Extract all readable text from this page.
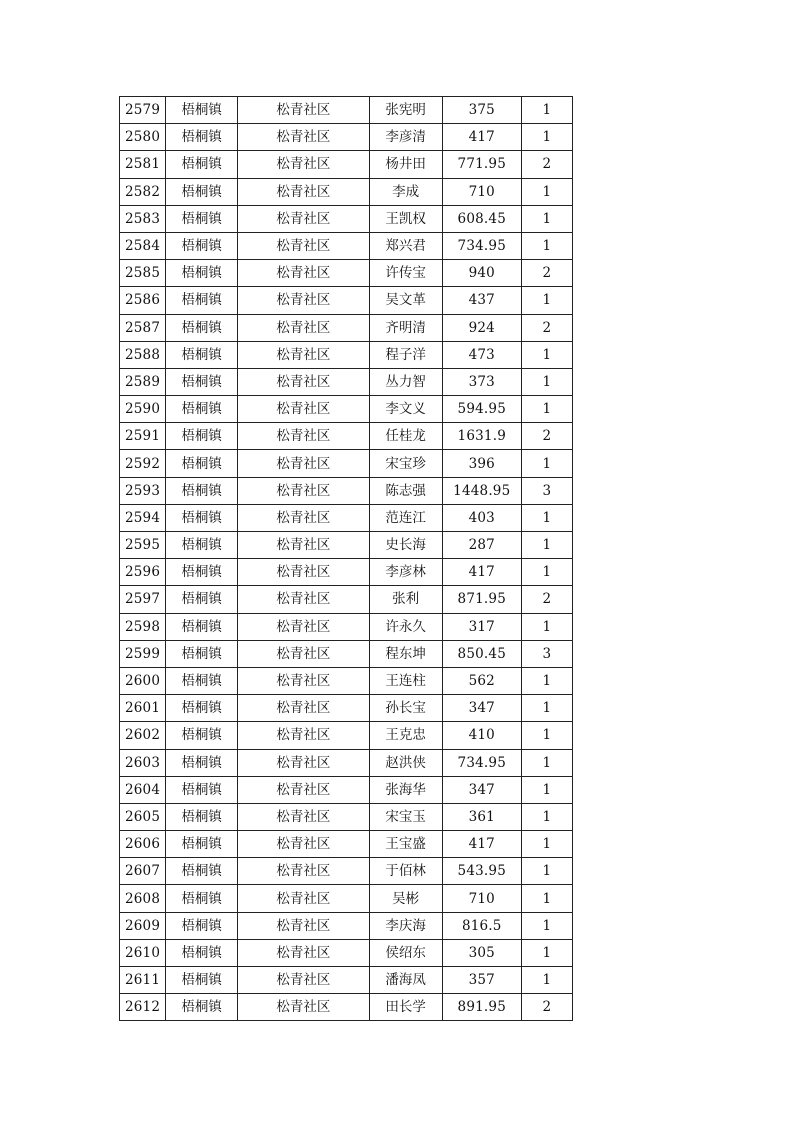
2579	梧桐镇	松青社区	张宪明	375	1
2580	梧桐镇	松青社区	李彦清	417	1
2581	梧桐镇	松青社区	杨井田	771.95	2
2582	梧桐镇	松青社区	李成	710	1
2583	梧桐镇	松青社区	王凯权	608.45	1
2584	梧桐镇	松青社区	郑兴君	734.95	1
2585	梧桐镇	松青社区	许传宝	940	2
2586	梧桐镇	松青社区	吴文革	437	1
2587	梧桐镇	松青社区	齐明清	924	2
2588	梧桐镇	松青社区	程子洋	473	1
2589	梧桐镇	松青社区	丛力智	373	1
2590	梧桐镇	松青社区	李文义	594.95	1
2591	梧桐镇	松青社区	任桂龙	1631.9	2
2592	梧桐镇	松青社区	宋宝珍	396	1
2593	梧桐镇	松青社区	陈志强	1448.95	3
2594	梧桐镇	松青社区	范连江	403	1
2595	梧桐镇	松青社区	史长海	287	1
2596	梧桐镇	松青社区	李彦林	417	1
2597	梧桐镇	松青社区	张利	871.95	2
2598	梧桐镇	松青社区	许永久	317	1
2599	梧桐镇	松青社区	程东坤	850.45	3
2600	梧桐镇	松青社区	王连柱	562	1
2601	梧桐镇	松青社区	孙长宝	347	1
2602	梧桐镇	松青社区	王克忠	410	1
2603	梧桐镇	松青社区	赵洪侠	734.95	1
2604	梧桐镇	松青社区	张海华	347	1
2605	梧桐镇	松青社区	宋宝玉	361	1
2606	梧桐镇	松青社区	王宝盛	417	1
2607	梧桐镇	松青社区	于佰林	543.95	1
2608	梧桐镇	松青社区	吴彬	710	1
2609	梧桐镇	松青社区	李庆海	816.5	1
2610	梧桐镇	松青社区	侯绍东	305	1
2611	梧桐镇	松青社区	潘海凤	357	1
2612	梧桐镇	松青社区	田长学	891.95	2
